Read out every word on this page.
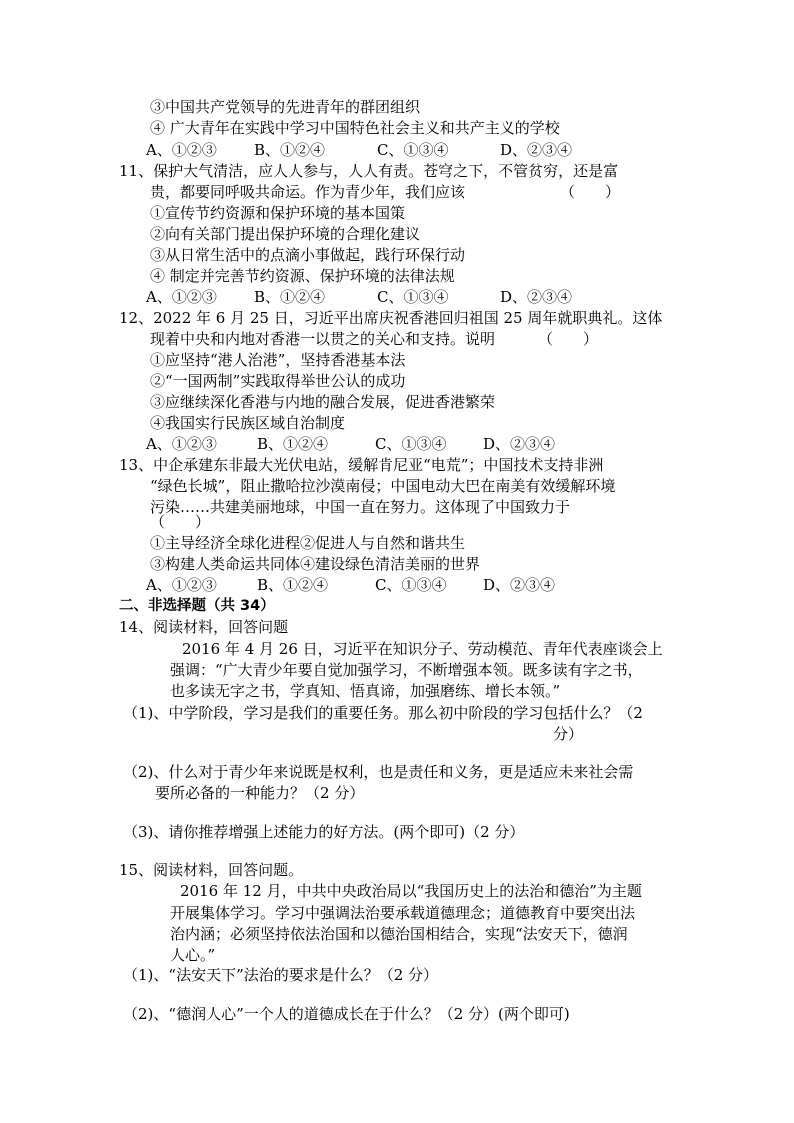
③中国共产党领导的先进青年的群团组织
④ 广大青年在实践中学习中国特色社会主义和共产主义的学校
A、①②③ B、①②④	C、①③④	D、②③④
11、保护大气清洁，应人人参与，人人有责。苍穹之下，不管贫穷，还是富
贵，都要同呼吸共命运。作为青少年，我们应该	（　　）
①宣传节约资源和保护环境的基本国策
②向有关部门提出保护环境的合理化建议
③从日常生活中的点滴小事做起，践行环保行动
④ 制定并完善节约资源、保护环境的法律法规
A、①②③ B、①②④	C、①③④	D、②③④
12、2022 年 6 月 25 日，习近平出席庆祝香港回归祖国 25 周年就职典礼。这体
现着中央和内地对香港一以贯之的关心和支持。说明	（　　）
①应坚持“港人治港”，坚持香港基本法
②“一国两制”实践取得举世公认的成功
③应继续深化香港与内地的融合发展，促进香港繁荣
④我国实行民族区域自治制度
A、①②③	B、①②④	C、①③④ D、②③④
13、中企承建东非最大光伏电站，缓解肯尼亚“电荒”；中国技术支持非洲
“绿色长城”，阻止撒哈拉沙漠南侵；中国电动大巴在南美有效缓解环境
污染……共建美丽地球，中国一直在努力。这体现了中国致力于
（　　）
①主导经济全球化进程②促进人与自然和谐共生
③构建人类命运共同体④建设绿色清洁美丽的世界
A、①②③	B、①②④	C、①③④ D、②③④
二、非选择题（共 34）
14、阅读材料，回答问题
2016 年 4 月 26 日，习近平在知识分子、劳动模范、青年代表座谈会上
强调：“广大青少年要自觉加强学习，不断增强本领。既多读有字之书，
也多读无字之书，学真知、悟真谛，加强磨练、增长本领。”
（1)、中学阶段，学习是我们的重要任务。那么初中阶段的学习包括什么？（2
分）
（2)、什么对于青少年来说既是权利，也是责任和义务，更是适应未来社会需
要所必备的一种能力？（2 分）
（3)、请你推荐增强上述能力的好方法。(两个即可)（2 分）
15、阅读材料，回答问题。
2016 年 12 月，中共中央政治局以“我国历史上的法治和德治”为主题
开展集体学习。学习中强调法治要承载道德理念；道德教育中要突出法
治内涵；必须坚持依法治国和以德治国相结合，实现“法安天下，德润
人心。”
（1)、“法安天下”法治的要求是什么？（2 分）
（2)、“德润人心”一个人的道德成长在于什么？（2 分）(两个即可)
